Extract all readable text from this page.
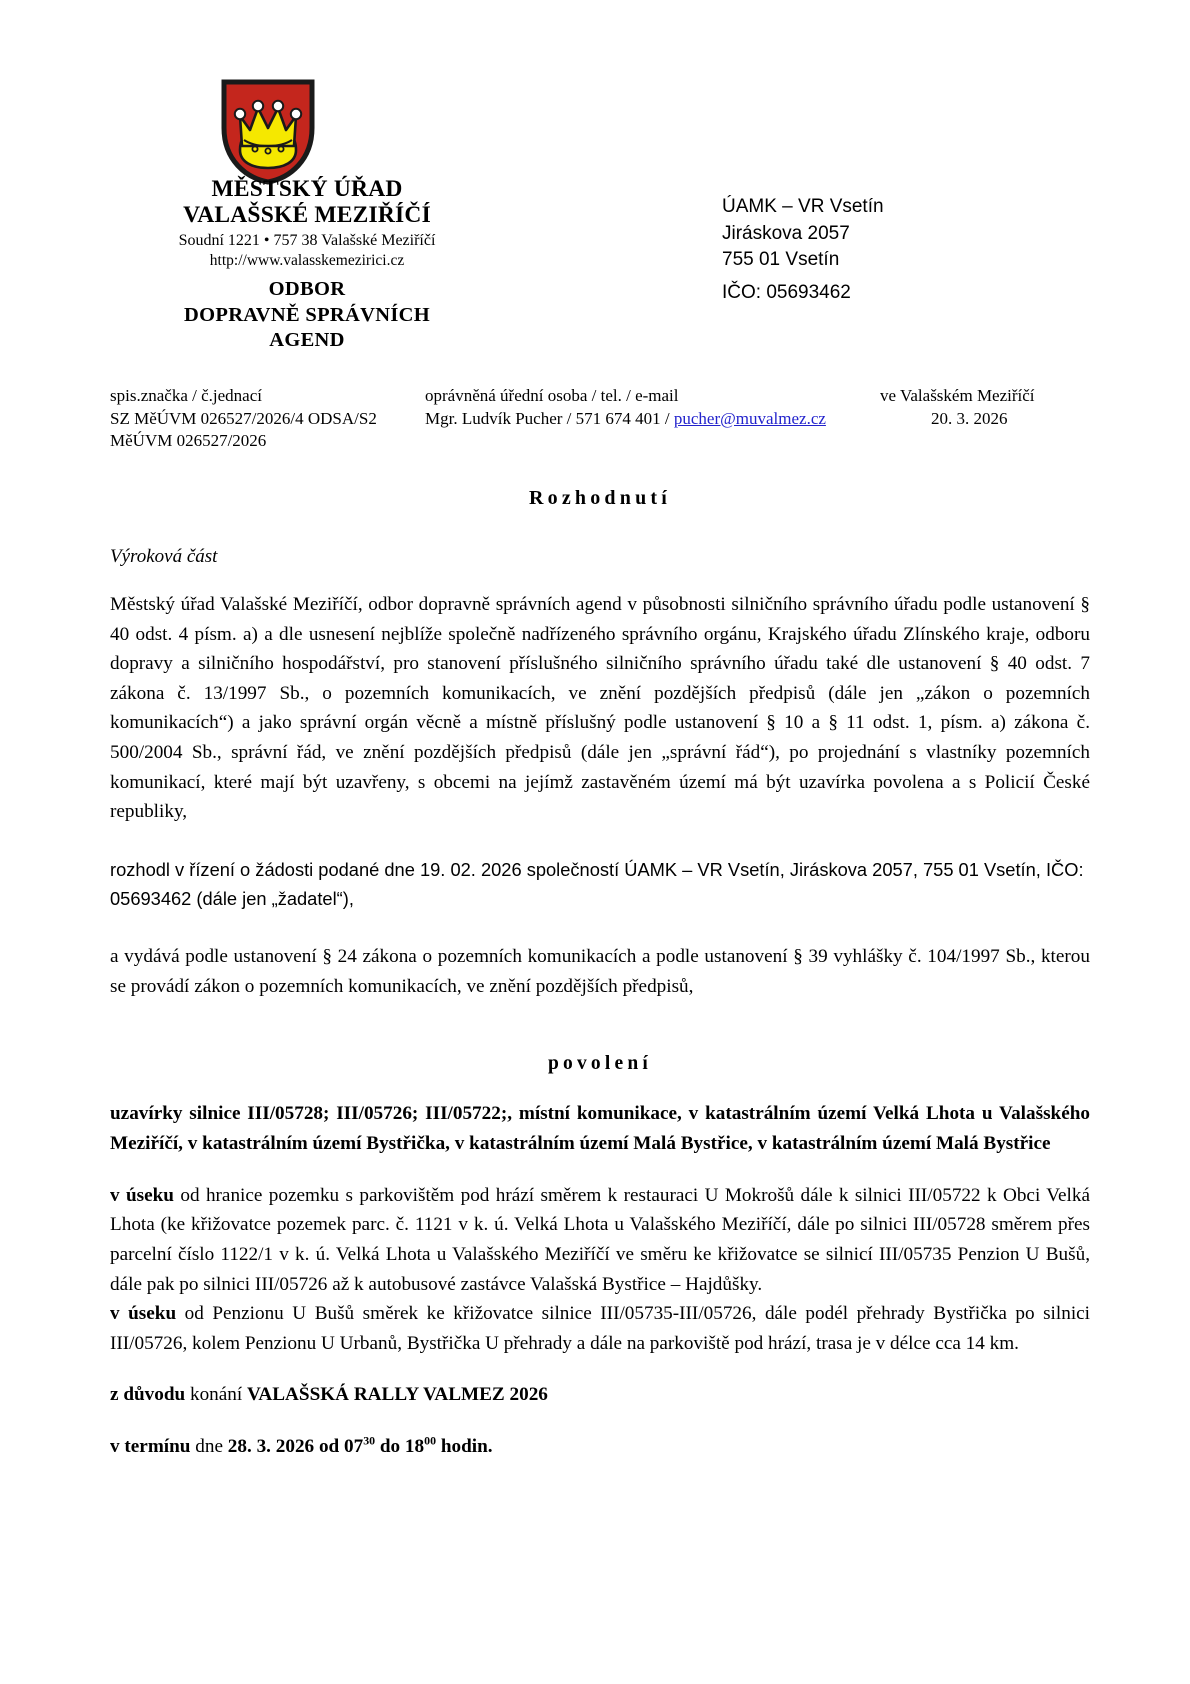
MĚSTSKÝ ÚŘAD
VALAŠSKÉ MEZIŘÍČÍ
Soudní 1221 • 757 38 Valašské Meziříčí
http://www.valasskemezirici.cz
ODBOR
DOPRAVNĚ SPRÁVNÍCH
AGEND
ÚAMK – VR Vsetín
Jiráskova 2057
755 01 Vsetín
IČO: 05693462
spis.značka / č.jednací	oprávněná úřední osoba / tel. / e-mail	ve Valašském Meziříčí
SZ MěÚVM 026527/2026/4 ODSA/S2	Mgr. Ludvík Pucher / 571 674 401 / pucher@muvalmez.cz	20. 3. 2026
MěÚVM 026527/2026
Rozhodnutí
Výroková část

Městský úřad Valašské Meziříčí, odbor dopravně správních agend v působnosti silničního správního úřadu podle ustanovení § 40 odst. 4 písm. a) a dle usnesení nejblíže společně nadřízeného správního orgánu, Krajského úřadu Zlínského kraje, odboru dopravy a silničního hospodářství, pro stanovení příslušného silničního správního úřadu také dle ustanovení § 40 odst. 7 zákona č. 13/1997 Sb., o pozemních komunikacích, ve znění pozdějších předpisů (dále jen „zákon o pozemních komunikacích“) a jako správní orgán věcně a místně příslušný podle ustanovení § 10 a § 11 odst. 1, písm. a) zákona č. 500/2004 Sb., správní řád, ve znění pozdějších předpisů (dále jen „správní řád“), po projednání s vlastníky pozemních komunikací, které mají být uzavřeny, s obcemi na jejímž zastavěném území má být uzavírka povolena a s Policií České republiky,

rozhodl v řízení o žádosti podané dne 19. 02. 2026 společností ÚAMK – VR Vsetín, Jiráskova 2057, 755 01 Vsetín, IČO: 05693462 (dále jen „žadatel“),

a vydává podle ustanovení § 24 zákona o pozemních komunikacích a podle ustanovení § 39 vyhlášky č. 104/1997 Sb., kterou se provádí zákon o pozemních komunikacích, ve znění pozdějších předpisů,

povolení

uzavírky silnice III/05728; III/05726; III/05722;, místní komunikace, v katastrálním území Velká Lhota u Valašského Meziříčí, v katastrálním území Bystřička, v katastrálním území Malá Bystřice, v katastrálním území Malá Bystřice

v úseku od hranice pozemku s parkovištěm pod hrází směrem k restauraci U Mokrošů dále k silnici III/05722 k Obci Velká Lhota (ke křižovatce pozemek parc. č. 1121 v k. ú. Velká Lhota u Valašského Meziříčí, dále po silnici III/05728 směrem přes parcelní číslo 1122/1 v k. ú. Velká Lhota u Valašského Meziříčí ve směru ke křižovatce se silnicí III/05735 Penzion U Bušů, dále pak po silnici III/05726 až k autobusové zastávce Valašská Bystřice – Hajdůšky.

v úseku od Penzionu U Bušů směrek ke křižovatce silnice III/05735-III/05726, dále podél přehrady Bystřička po silnici III/05726, kolem Penzionu U Urbanů, Bystřička U přehrady a dále na parkoviště pod hrází, trasa je v délce cca 14 km.

z důvodu konání VALAŠSKÁ RALLY VALMEZ 2026

v termínu dne 28. 3. 2026 od $07^{30}$ do $18^{00}$ hodin.
